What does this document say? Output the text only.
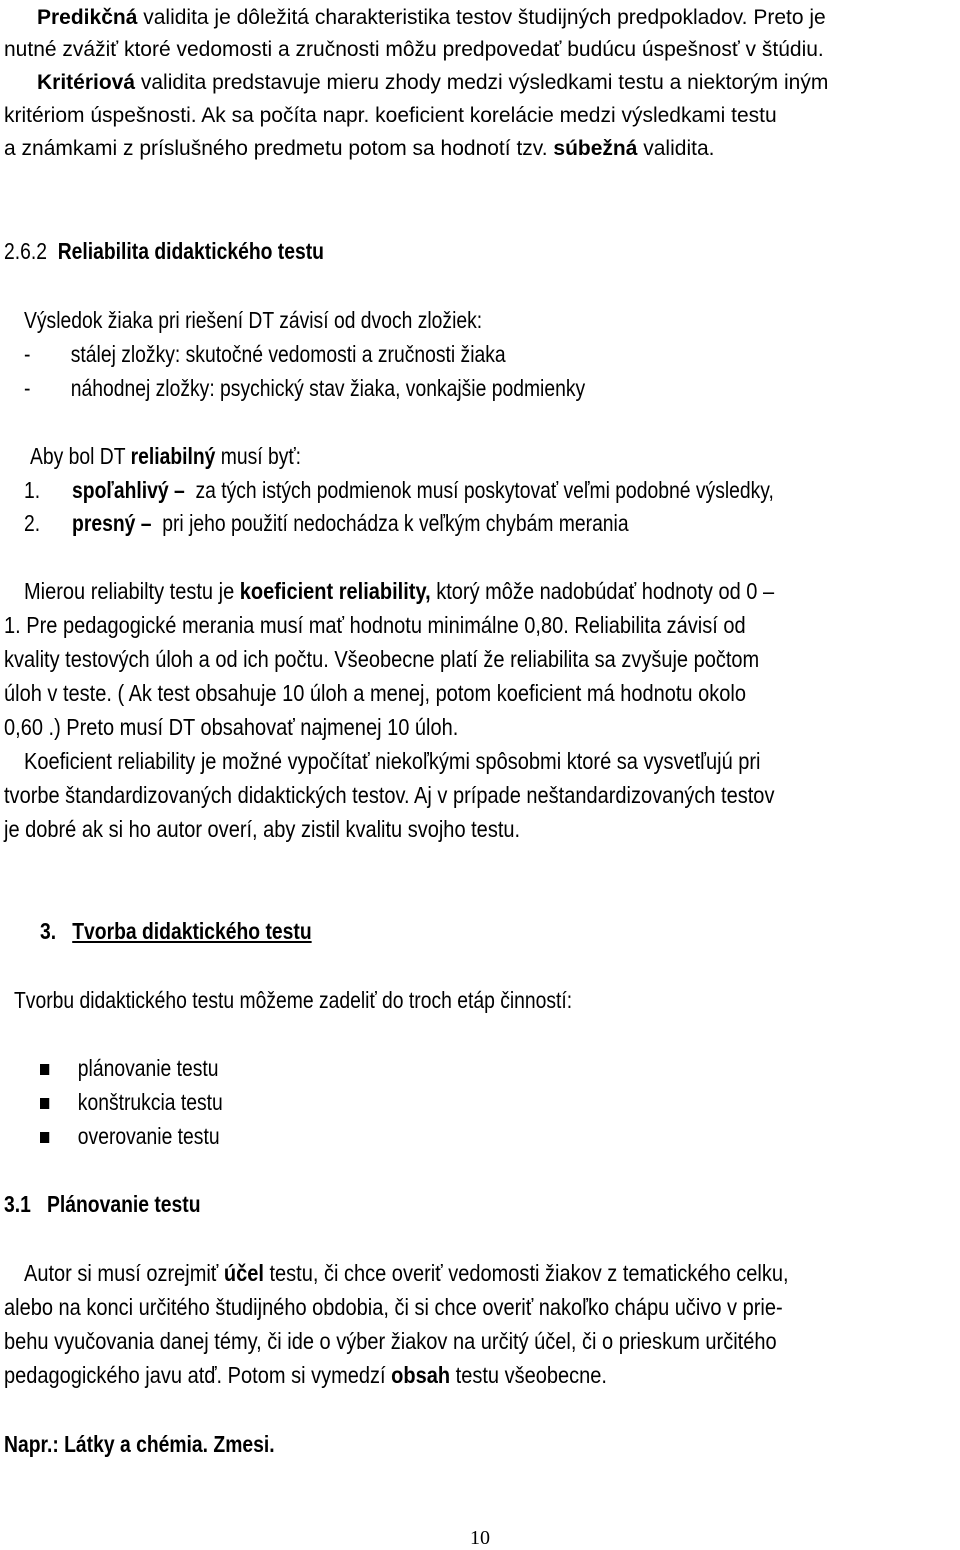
Predikčná validita je dôležitá charakteristika testov študijných predpokladov. Preto je
nutné zvážiť ktoré vedomosti a zručnosti môžu predpovedať budúcu úspešnosť v štúdiu.
Kritériová validita predstavuje mieru zhody medzi výsledkami testu a niektorým iným
kritériom úspešnosti. Ak sa počíta napr. koeficient korelácie medzi výsledkami testu
a známkami z príslušného predmetu potom sa hodnotí tzv. súbežná validita.
2.6.2 Reliabilita didaktického testu
Výsledok žiaka pri riešení DT závisí od dvoch zložiek:
- stálej zložky: skutočné vedomosti a zručnosti žiaka
- náhodnej zložky: psychický stav žiaka, vonkajšie podmienky
Aby bol DT reliabilný musí byť:
1. spoľahlivý – za tých istých podmienok musí poskytovať veľmi podobné výsledky,
2. presný – pri jeho použití nedochádza k veľkým chybám merania
Mierou reliabilty testu je koeficient reliability, ktorý môže nadobúdať hodnoty od 0 –
1. Pre pedagogické merania musí mať hodnotu minimálne 0,80. Reliabilita závisí od
kvality testových úloh a od ich počtu. Všeobecne platí že reliabilita sa zvyšuje počtom
úloh v teste. ( Ak test obsahuje 10 úloh a menej, potom koeficient má hodnotu okolo
0,60 .) Preto musí DT obsahovať najmenej 10 úloh.
Koeficient reliability je možné vypočítať niekoľkými spôsobmi ktoré sa vysvetľujú pri
tvorbe štandardizovaných didaktických testov. Aj v prípade neštandardizovaných testov
je dobré ak si ho autor overí, aby zistil kvalitu svojho testu.
3. Tvorba didaktického testu
Tvorbu didaktického testu môžeme zadeliť do troch etáp činností:
plánovanie testu
konštrukcia testu
overovanie testu
3.1 Plánovanie testu
Autor si musí ozrejmiť účel testu, či chce overiť vedomosti žiakov z tematického celku,
alebo na konci určitého študijného obdobia, či si chce overiť nakoľko chápu učivo v prie-
behu vyučovania danej témy, či ide o výber žiakov na určitý účel, či o prieskum určitého
pedagogického javu atď. Potom si vymedzí obsah testu všeobecne.
Napr.: Látky a chémia. Zmesi.
10
